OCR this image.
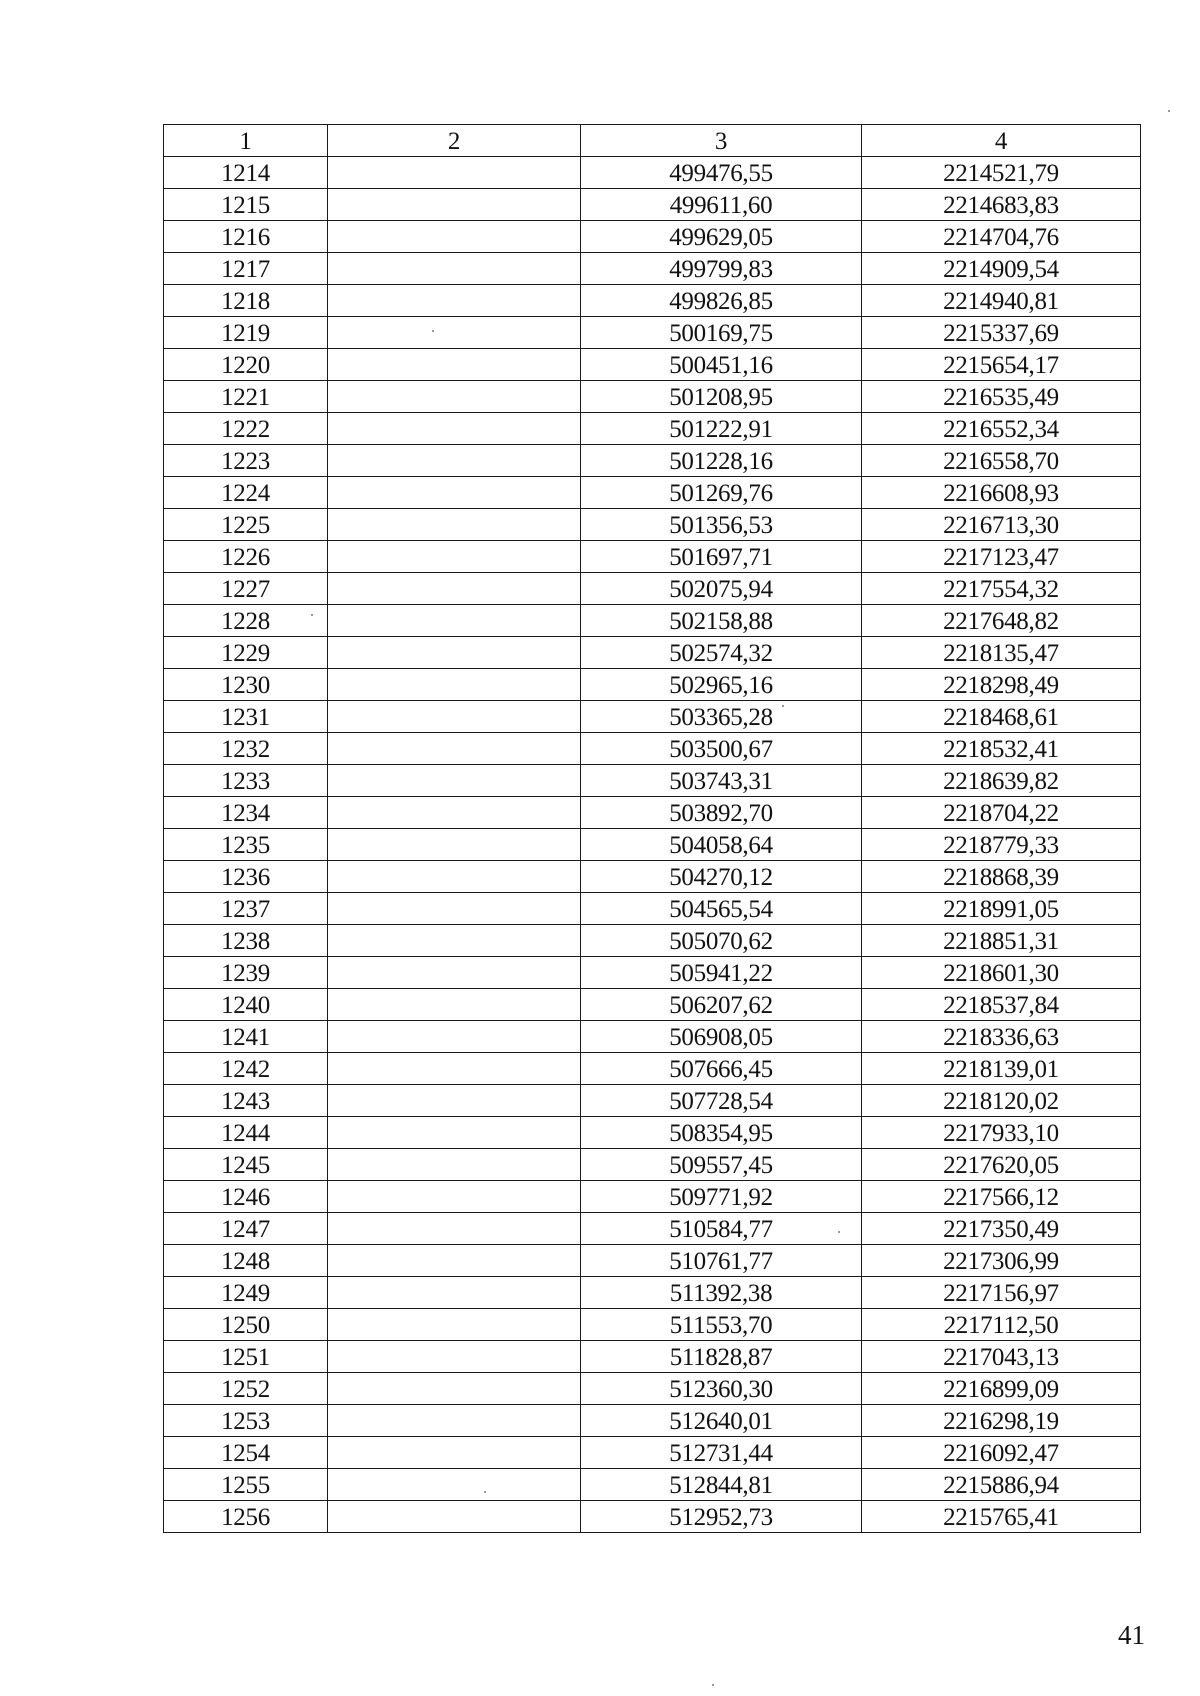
1	2	3	4
1214		499476,55	2214521,79
1215		499611,60	2214683,83
1216		499629,05	2214704,76
1217		499799,83	2214909,54
1218		499826,85	2214940,81
1219		500169,75	2215337,69
1220		500451,16	2215654,17
1221		501208,95	2216535,49
1222		501222,91	2216552,34
1223		501228,16	2216558,70
1224		501269,76	2216608,93
1225		501356,53	2216713,30
1226		501697,71	2217123,47
1227		502075,94	2217554,32
1228		502158,88	2217648,82
1229		502574,32	2218135,47
1230		502965,16	2218298,49
1231		503365,28	2218468,61
1232		503500,67	2218532,41
1233		503743,31	2218639,82
1234		503892,70	2218704,22
1235		504058,64	2218779,33
1236		504270,12	2218868,39
1237		504565,54	2218991,05
1238		505070,62	2218851,31
1239		505941,22	2218601,30
1240		506207,62	2218537,84
1241		506908,05	2218336,63
1242		507666,45	2218139,01
1243		507728,54	2218120,02
1244		508354,95	2217933,10
1245		509557,45	2217620,05
1246		509771,92	2217566,12
1247		510584,77	2217350,49
1248		510761,77	2217306,99
1249		511392,38	2217156,97
1250		511553,70	2217112,50
1251		511828,87	2217043,13
1252		512360,30	2216899,09
1253		512640,01	2216298,19
1254		512731,44	2216092,47
1255		512844,81	2215886,94
1256		512952,73	2215765,41
41
